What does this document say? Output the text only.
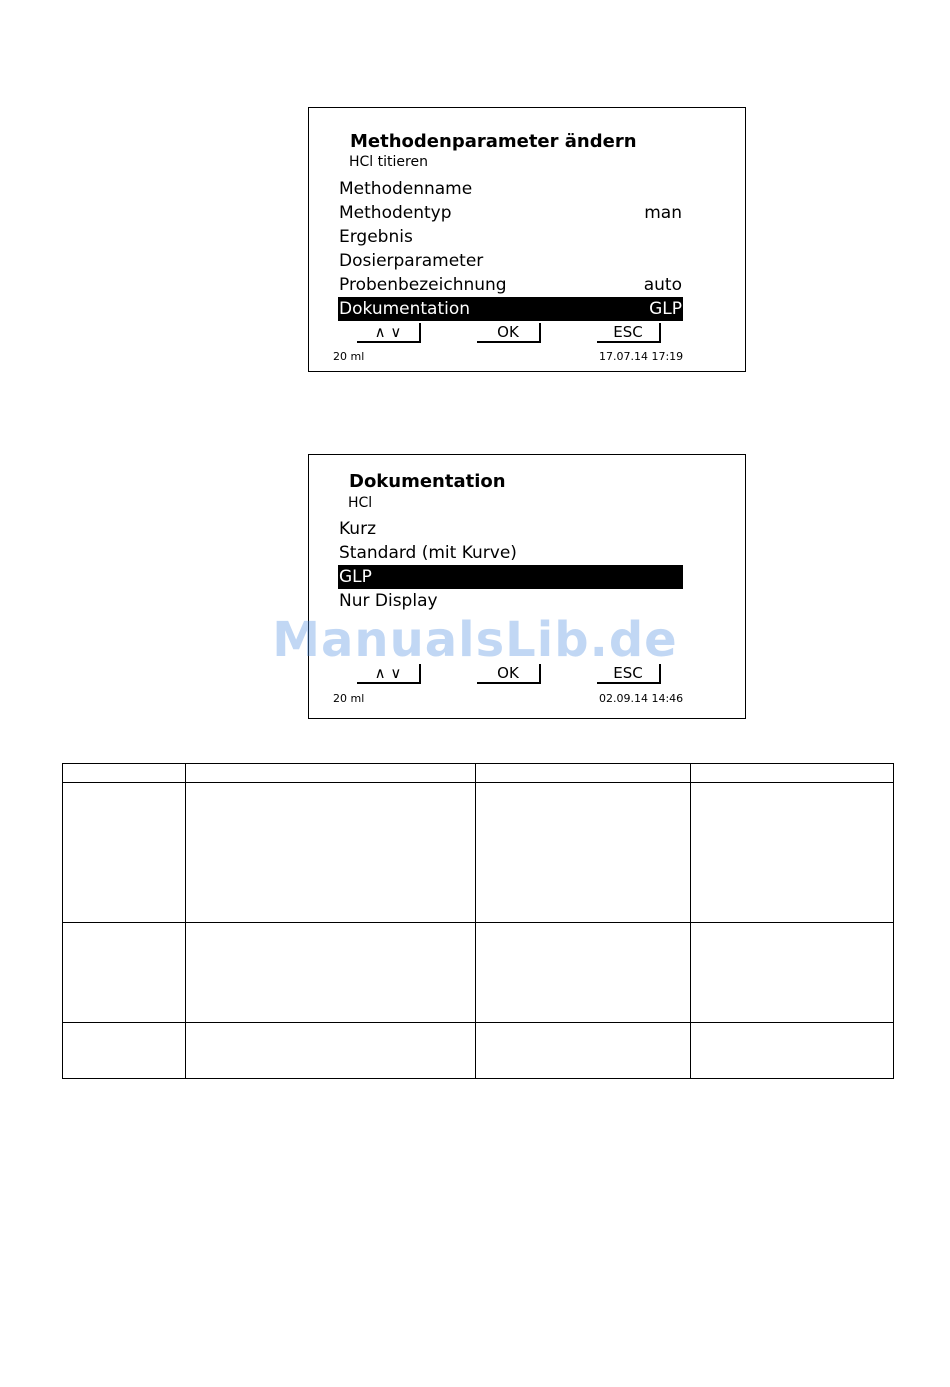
Methodenparameter ändern
HCl titieren
Methodenname
Methodentyp	man
Ergebnis
Dosierparameter
Probenbezeichnung	auto
Dokumentation	GLP
∧ ∨	OK	ESC
20 ml	17.07.14 17:19
Dokumentation
HCl
Kurz
Standard (mit Kurve)
GLP
Nur Display
∧ ∨	OK	ESC
20 ml	02.09.14 14:46
ManualsLib.de
